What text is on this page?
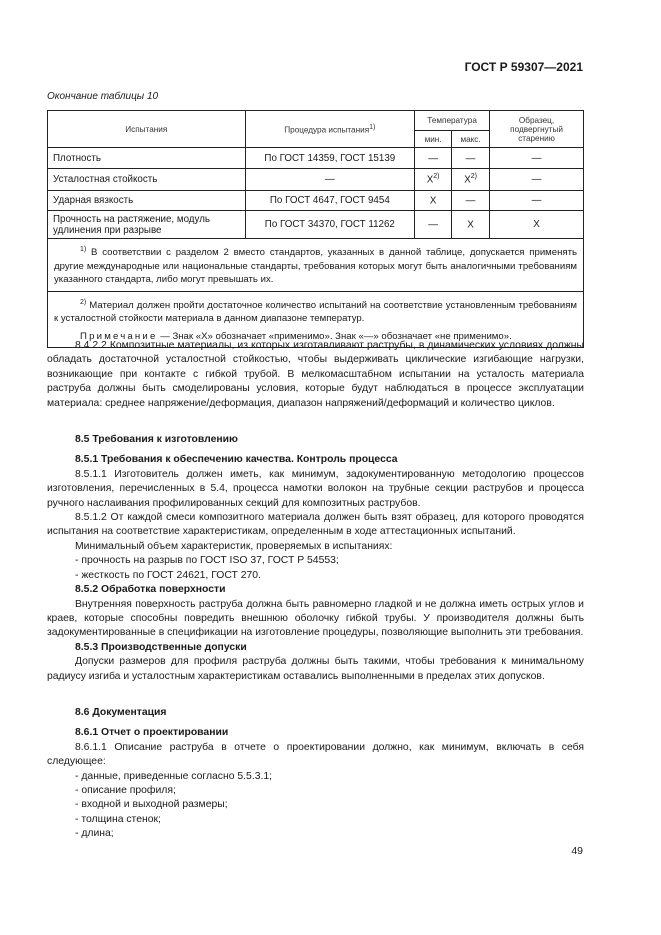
ГОСТ Р 59307—2021
Окончание таблицы 10
Испытания	Процедура испытания$^{1)}$	Температура		Образец, подвергнутый старению
		мин.	макс.	
Плотность	По ГОСТ 14359, ГОСТ 15139	—	—	—
Усталостная стойкость	—	$X^{2)}$	$X^{2)}$	—
Ударная вязкость	По ГОСТ 4647, ГОСТ 9454	X	—	—
Прочность на растяжение, модуль удлинения при разрыве	По ГОСТ 34370, ГОСТ 11262	—	X	X

$^{1)}$ В соответствии с разделом 2 вместо стандартов, указанных в данной таблице, допускается применять другие международные или национальные стандарты, требования которых могут быть аналогичными требованиям указанного стандарта, либо могут превышать их.

$^{2)}$ Материал должен пройти достаточное количество испытаний на соответствие установленным требованиям к усталостной стойкости материала в данном диапазоне температур.

Примечание — Знак «X» обозначает «применимо». Знак «—» обозначает «не применимо».				

8.4.2.2 Композитные материалы, из которых изготавливают раструбы, в динамических условиях должны обладать достаточной усталостной стойкостью, чтобы выдерживать циклические изгибающие нагрузки, возникающие при контакте с гибкой трубой. В мелкомасштабном испытании на усталость материала раструба должны быть смоделированы условия, которые будут наблюдаться в процессе эксплуатации материала: среднее напряжение/деформация, диапазон напряжений/деформаций и количество циклов.

8.5 Требования к изготовлению

8.5.1 Требования к обеспечению качества. Контроль процесса

8.5.1.1 Изготовитель должен иметь, как минимум, задокументированную методологию процессов изготовления, перечисленных в 5.4, процесса намотки волокон на трубные секции раструбов и процесса ручного наслаивания профилированных секций для композитных раструбов.

8.5.1.2 От каждой смеси композитного материала должен быть взят образец, для которого проводятся испытания на соответствие характеристикам, определенным в ходе аттестационных испытаний.

Минимальный объем характеристик, проверяемых в испытаниях:

- прочность на разрыв по ГОСТ ISO 37, ГОСТ Р 54553;

- жесткость по ГОСТ 24621, ГОСТ 270.

8.5.2 Обработка поверхности

Внутренняя поверхность раструба должна быть равномерно гладкой и не должна иметь острых углов и краев, которые способны повредить внешнюю оболочку гибкой трубы. У производителя должны быть задокументированные в спецификации на изготовление процедуры, позволяющие выполнить эти требования.

8.5.3 Производственные допуски

Допуски размеров для профиля раструба должны быть такими, чтобы требования к минимальному радиусу изгиба и усталостным характеристикам оставались выполненными в пределах этих допусков.

8.6 Документация

8.6.1 Отчет о проектировании

8.6.1.1 Описание раструба в отчете о проектировании должно, как минимум, включать в себя следующее:

- данные, приведенные согласно 5.5.3.1;

- описание профиля;

- входной и выходной размеры;

- толщина стенок;

- длина;

49
